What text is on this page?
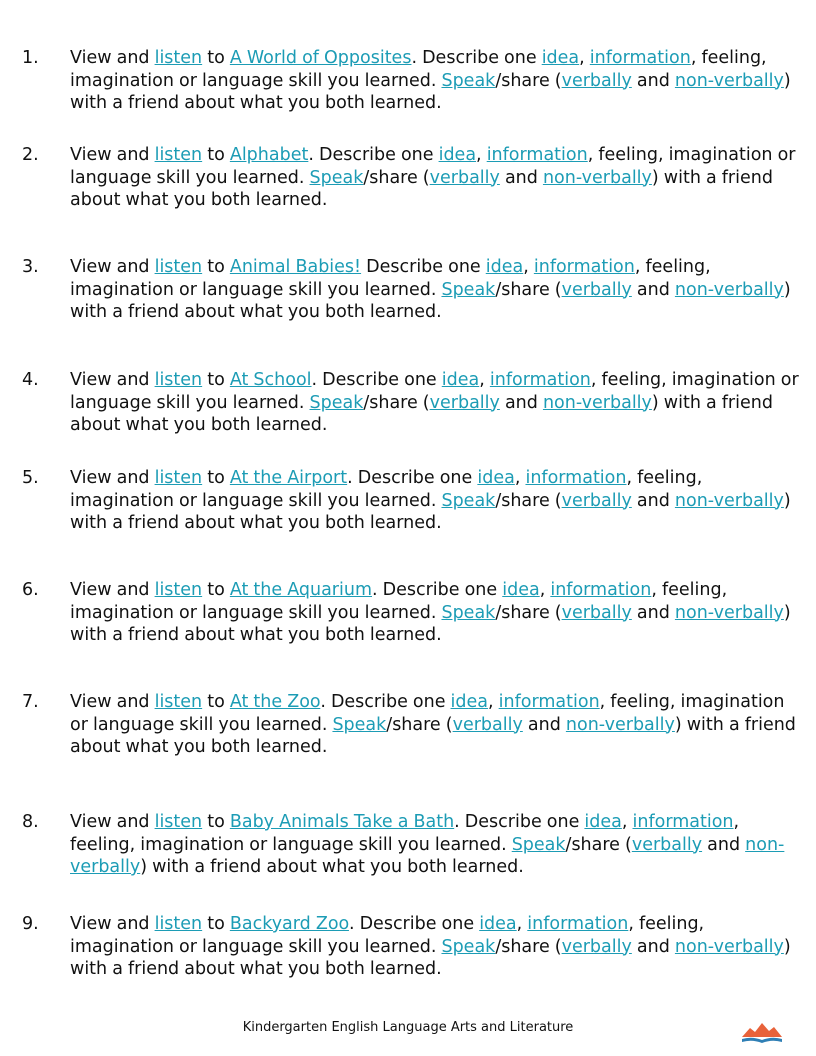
1. View and listen to A World of Opposites. Describe one idea, information, feeling, imagination or language skill you learned. Speak/share (verbally and non-verbally) with a friend about what you both learned.
2. View and listen to Alphabet. Describe one idea, information, feeling, imagination or language skill you learned. Speak/share (verbally and non-verbally) with a friend about what you both learned.
3. View and listen to Animal Babies! Describe one idea, information, feeling, imagination or language skill you learned. Speak/share (verbally and non-verbally) with a friend about what you both learned.
4. View and listen to At School. Describe one idea, information, feeling, imagination or language skill you learned. Speak/share (verbally and non-verbally) with a friend about what you both learned.
5. View and listen to At the Airport. Describe one idea, information, feeling, imagination or language skill you learned. Speak/share (verbally and non-verbally) with a friend about what you both learned.
6. View and listen to At the Aquarium. Describe one idea, information, feeling, imagination or language skill you learned. Speak/share (verbally and non-verbally) with a friend about what you both learned.
7. View and listen to At the Zoo. Describe one idea, information, feeling, imagination or language skill you learned. Speak/share (verbally and non-verbally) with a friend about what you both learned.
8. View and listen to Baby Animals Take a Bath. Describe one idea, information, feeling, imagination or language skill you learned. Speak/share (verbally and non-verbally) with a friend about what you both learned.
9. View and listen to Backyard Zoo. Describe one idea, information, feeling, imagination or language skill you learned. Speak/share (verbally and non-verbally) with a friend about what you both learned.
Kindergarten English Language Arts and Literature
